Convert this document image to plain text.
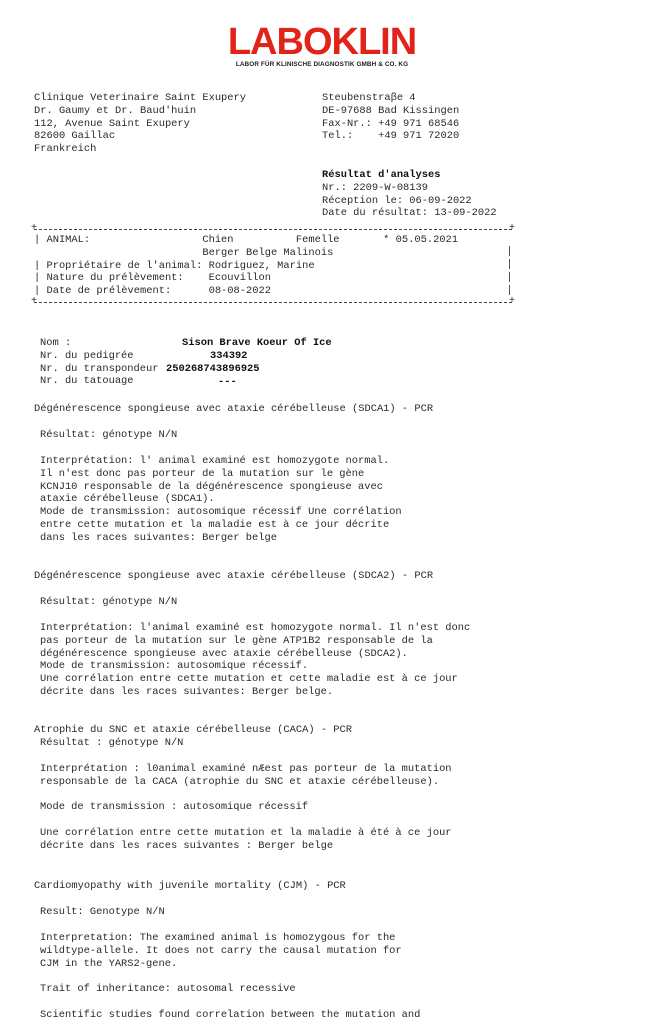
LABOKLIN
LABOR FÜR KLINISCHE DIAGNOSTIK GMBH & CO. KG
Clinique Veterinaire Saint Exupery
Dr. Gaumy et Dr. Baud'huin
112, Avenue Saint Exupery
82600 Gaillac
Frankreich
Steubenstraβe 4
DE-97688 Bad Kissingen
Fax-Nr.: +49 971 68546
Tel.:    +49 971 72020
Résultat d'analyses
Nr.: 2209-W-08139
Réception le: 06-09-2022
Date du résultat: 13-09-2022
+	+
| ANIMAL:                  Chien          Femelle       * 05.05.2021
Berger Belge Malinois
| Propriétaire de l'animal: Rodriguez, Marine
| Nature du prélèvement:    Ecouvillon
| Date de prélèvement:      08-08-2022
+	+
Nom :
Nr. du pedigrée
Nr. du transpondeur
Nr. du tatouage
Sison Brave Koeur Of Ice
334392
250268743896925
---
Dégénérescence spongieuse avec ataxie cérébelleuse (SDCA1) - PCR
Résultat: génotype N/N
Interprétation: l' animal examiné est homozygote normal.
Il n'est donc pas porteur de la mutation sur le gène
KCNJ10 responsable de la dégénérescence spongieuse avec
ataxie cérébelleuse (SDCA1).
Mode de transmission: autosomique récessif Une corrélation
entre cette mutation et la maladie est à ce jour décrite
dans les races suivantes: Berger belge
Dégénérescence spongieuse avec ataxie cérébelleuse (SDCA2) - PCR
Résultat: génotype N/N
Interprétation: l'animal examiné est homozygote normal. Il n'est donc
pas porteur de la mutation sur le gène ATP1B2 responsable de la
dégénérescence spongieuse avec ataxie cérébelleuse (SDCA2).
Mode de transmission: autosomique récessif.
Une corrélation entre cette mutation et cette maladie est à ce jour
décrite dans les races suivantes: Berger belge.
Atrophie du SNC et ataxie cérébelleuse (CACA) - PCR
Résultat : génotype N/N
Interprétation : l0animal examiné nÆest pas porteur de la mutation
responsable de la CACA (atrophie du SNC et ataxie cérébelleuse).
Mode de transmission : autosomique récessif
Une corrélation entre cette mutation et la maladie à été à ce jour
décrite dans les races suivantes : Berger belge
Cardiomyopathy with juvenile mortality (CJM) - PCR
Result: Genotype N/N
Interpretation: The examined animal is homozygous for the
wildtype-allele. It does not carry the causal mutation for
CJM in the YARS2-gene.
Trait of inheritance: autosomal recessive
Scientific studies found correlation between the mutation and
